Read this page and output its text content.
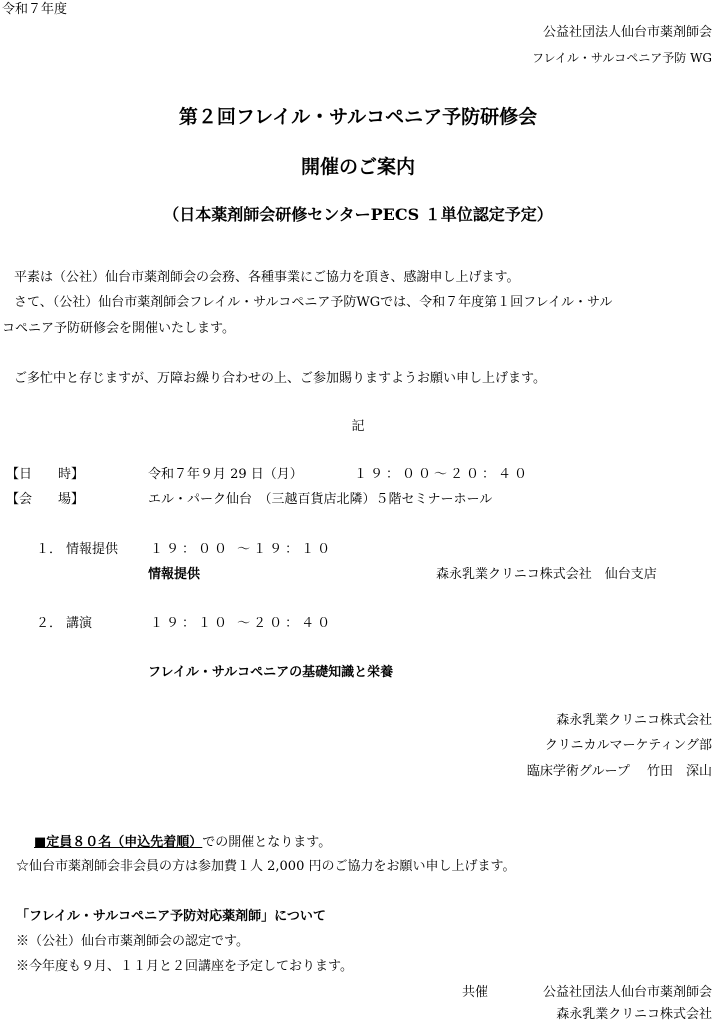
令和７年度
公益社団法人仙台市薬剤師会
フレイル・サルコペニア予防 WG
第２回フレイル・サルコペニア予防研修会
開催のご案内
（日本薬剤師会研修センターPECS １単位認定予定）
平素は（公社）仙台市薬剤師会の会務、各種事業にご協力を頂き、感謝申し上げます。
さて、（公社）仙台市薬剤師会フレイル・サルコペニア予防WGでは、令和７年度第１回フレイル・サル
コペニア予防研修会を開催いたします。
ご多忙中と存じますが、万障お繰り合わせの上、ご参加賜りますようお願い申し上げます。
記
【日　　時】	令和７年９月 29 日（月）	１９：００～２０：４０
【会　　場】	エル・パーク仙台　（三越百貨店北隣）５階セミナーホール
１． 情報提供 １９：００ ～１９：１０
情報提供	森永乳業クリニコ株式会社　仙台支店
２． 講演	１９：１０ ～２０：４０
フレイル・サルコペニアの基礎知識と栄養
森永乳業クリニコ株式会社
クリニカルマーケティング部
臨床学術グループ　 竹田　深山
■定員８０名（申込先着順）での開催となります。
☆仙台市薬剤師会非会員の方は参加費１人 2,000 円のご協力をお願い申し上げます。
「フレイル・サルコペニア予防対応薬剤師」について
※（公社）仙台市薬剤師会の認定です。
※今年度も９月、１１月と２回講座を予定しております。
共催	公益社団法人仙台市薬剤師会
森永乳業クリニコ株式会社
